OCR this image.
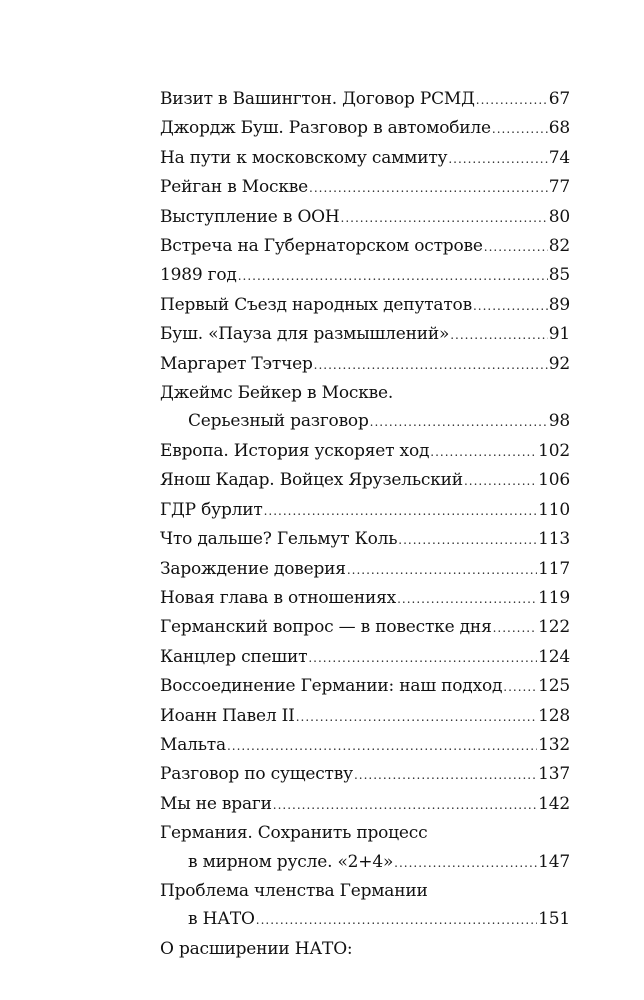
Визит в Вашингтон. Договор РСМД .....	67
Джордж Буш. Разговор в автомобиле .....	68
На пути к московскому саммиту .....	74
Рейган в Москве .....	77
Выступление в ООН .....	80
Встреча на Губернаторском острове .....	82
1989 год .....	85
Первый Съезд народных депутатов .....	89
Буш. «Пауза для размышлений» .....	91
Маргарет Тэтчер .....	92
Джеймс Бейкер в Москве.
Серьезный разговор .....	98
Европа. История ускоряет ход .....	102
Янош Кадар. Войцех Ярузельский .....	106
ГДР бурлит .....	110
Что дальше? Гельмут Коль .....	113
Зарождение доверия .....	117
Новая глава в отношениях .....	119
Германский вопрос — в повестке дня .....	122
Канцлер спешит .....	124
Воссоединение Германии: наш подход ..... 125
Иоанн Павел II .....	128
Мальта .....	132
Разговор по существу .....	137
Мы не враги .....	142
Германия. Сохранить процесс
в мирном русле. «2+4» .....	147
Проблема членства Германии
в НАТО .....	151
О расширении НАТО:
